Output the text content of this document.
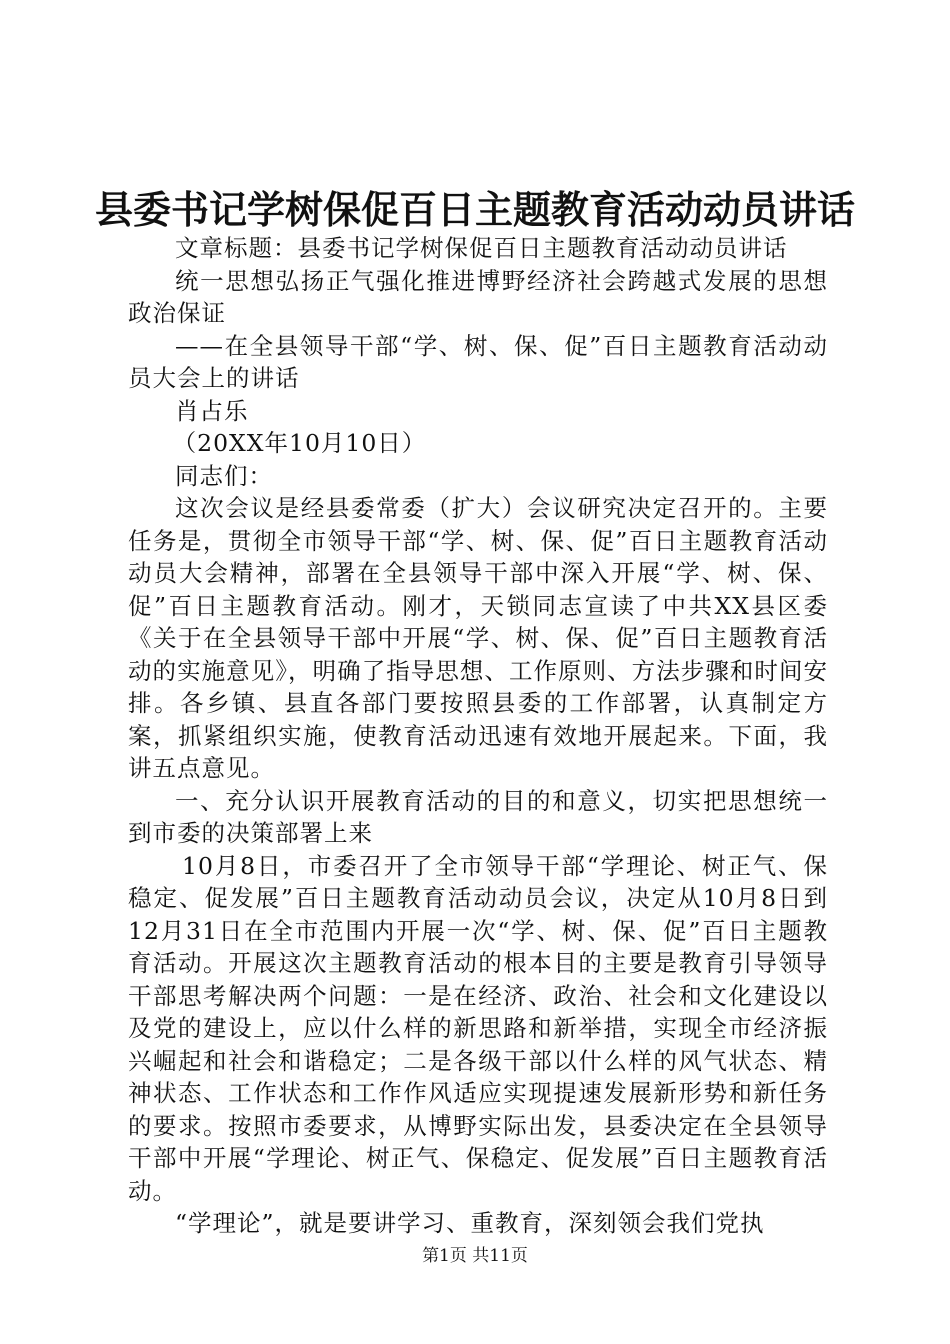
县委书记学树保促百日主题教育活动动员讲话

文章标题：县委书记学树保促百日主题教育活动动员讲话

统一思想弘扬正气强化推进博野经济社会跨越式发展的思想政治保证

——在全县领导干部“学、树、保、促”百日主题教育活动动员大会上的讲话

肖占乐

（20XX年10月10日）

同志们：

这次会议是经县委常委（扩大）会议研究决定召开的。主要任务是，贯彻全市领导干部“学、树、保、促”百日主题教育活动动员大会精神，部署在全县领导干部中深入开展“学、树、保、促”百日主题教育活动。刚才，天锁同志宣读了中共XX县区委《关于在全县领导干部中开展“学、树、保、促”百日主题教育活动的实施意见》，明确了指导思想、工作原则、方法步骤和时间安排。各乡镇、县直各部门要按照县委的工作部署，认真制定方案，抓紧组织实施，使教育活动迅速有效地开展起来。下面，我讲五点意见。

一、充分认识开展教育活动的目的和意义，切实把思想统一到市委的决策部署上来

10月8日，市委召开了全市领导干部“学理论、树正气、保稳定、促发展”百日主题教育活动动员会议，决定从10月8日到12月31日在全市范围内开展一次“学、树、保、促”百日主题教育活动。开展这次主题教育活动的根本目的主要是教育引导领导干部思考解决两个问题：一是在经济、政治、社会和文化建设以及党的建设上，应以什么样的新思路和新举措，实现全市经济振兴崛起和社会和谐稳定；二是各级干部以什么样的风气状态、精神状态、工作状态和工作作风适应实现提速发展新形势和新任务的要求。按照市委要求，从博野实际出发，县委决定在全县领导干部中开展“学理论、树正气、保稳定、促发展”百日主题教育活动。

“学理论”，就是要讲学习、重教育，深刻领会我们党执

第1页 共11页
